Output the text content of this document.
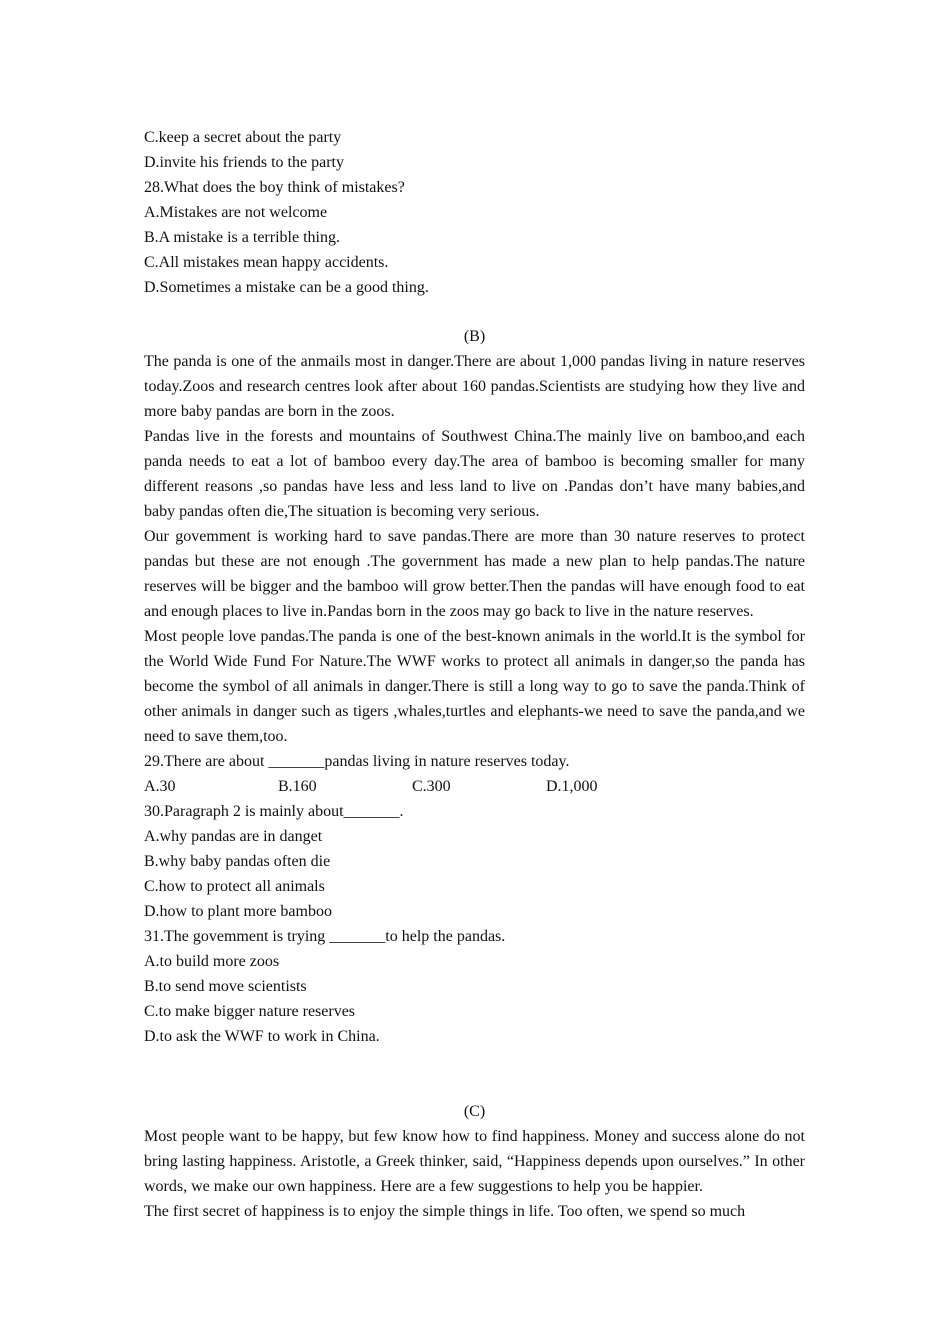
C.keep a secret about the party
D.invite his friends to the party
28.What does the boy think of mistakes?
A.Mistakes are not welcome
B.A mistake is a terrible thing.
C.All mistakes mean happy accidents.
D.Sometimes a mistake can be a good thing.
(B)
The panda is one of the anmails most in danger.There are about 1,000 pandas living in nature reserves today.Zoos and research centres look after about 160 pandas.Scientists are studying how they live and more baby pandas are born in the zoos.
Pandas live in the forests and mountains of Southwest China.The mainly live on bamboo,and each panda needs to eat a lot of bamboo every day.The area of bamboo is becoming smaller for many different reasons ,so pandas have less and less land to live on .Pandas don’t have many babies,and baby pandas often die,The situation is becoming very serious.
Our govemment is working hard to save pandas.There are more than 30 nature reserves to protect pandas but these are not enough .The government has made a new plan to help pandas.The nature reserves will be bigger and the bamboo will grow better.Then the pandas will have enough food to eat and enough places to live in.Pandas born in the zoos may go back to live in the nature reserves.
Most people love pandas.The panda is one of the best-known animals in the world.It is the symbol for the World Wide Fund For Nature.The WWF works to protect all animals in danger,so the panda has become the symbol of all animals in danger.There is still a long way to go to save the panda.Think of other animals in danger such as tigers ,whales,turtles and elephants-we need to save the panda,and we need to save them,too.
29.There are about _______pandas living in nature reserves today.
A.30	B.160	C.300	D.1,000
30.Paragraph 2 is mainly about_______.
A.why pandas are in danget
B.why baby pandas often die
C.how to protect all animals
D.how to plant more bamboo
31.The govemment is trying _______to help the pandas.
A.to build more zoos
B.to send move scientists
C.to make bigger nature reserves
D.to ask the WWF to work in China.
(C)
Most people want to be happy, but few know how to find happiness. Money and success alone do not bring lasting happiness. Aristotle, a Greek thinker, said, “Happiness depends upon ourselves.” In other words, we make our own happiness. Here are a few suggestions to help you be happier.
The first secret of happiness is to enjoy the simple things in life. Too often, we spend so much
